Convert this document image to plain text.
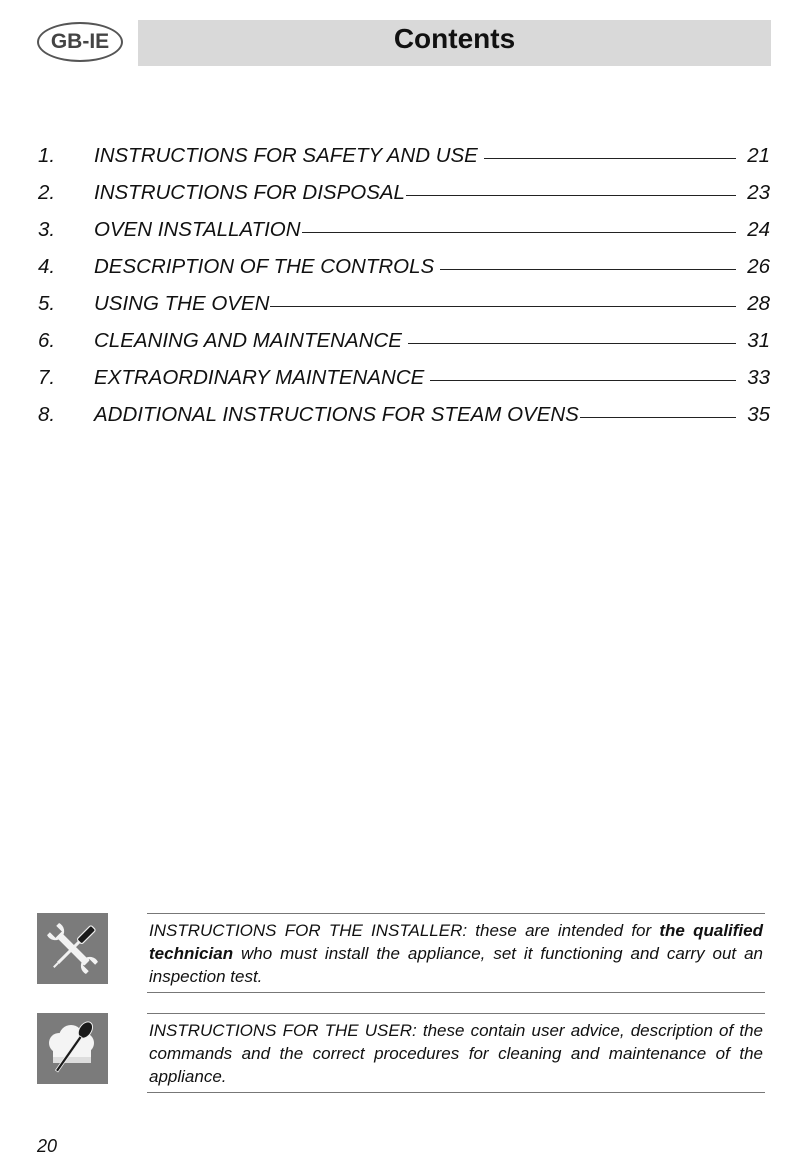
GB-IE	Contents
1.	INSTRUCTIONS FOR SAFETY AND USE	21
2.	INSTRUCTIONS FOR DISPOSAL	23
3.	OVEN INSTALLATION	24
4.	DESCRIPTION OF THE CONTROLS	26
5.	USING THE OVEN	28
6.	CLEANING AND MAINTENANCE	31
7.	EXTRAORDINARY MAINTENANCE	33
8.	ADDITIONAL INSTRUCTIONS FOR STEAM OVENS	35
INSTRUCTIONS FOR THE INSTALLER: these are intended for the qualified technician who must install the appliance, set it functioning and carry out an inspection test.
INSTRUCTIONS FOR THE USER: these contain user advice, description of the commands and the correct procedures for cleaning and maintenance of the appliance.
20
